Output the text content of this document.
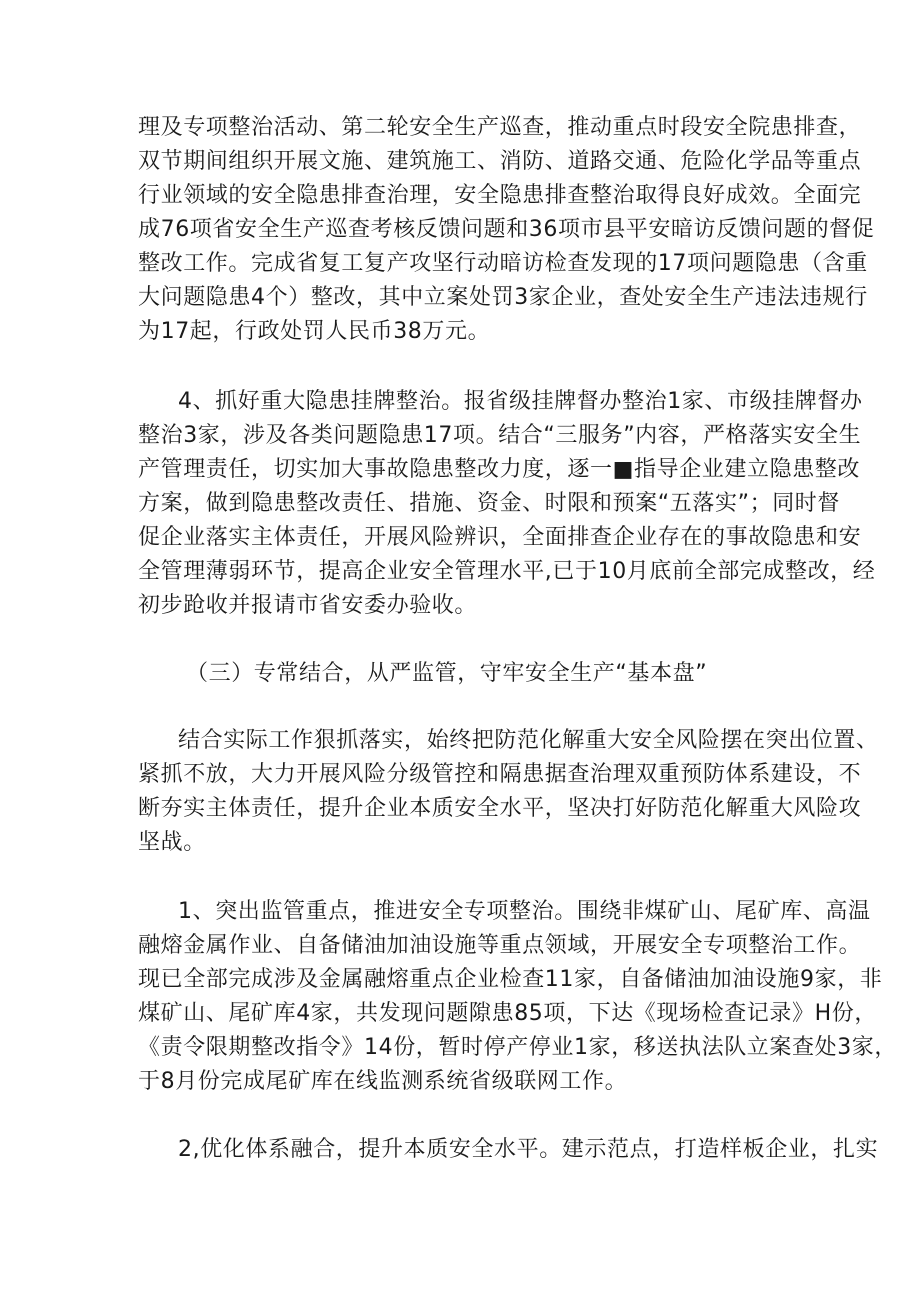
理及专项整治活动、第二轮安全生产巡查，推动重点时段安全院患排查，
双节期间组织开展文施、建筑施工、消防、道路交通、危险化学品等重点
行业领域的安全隐患排查治理，安全隐患排查整治取得良好成效。全面完
成76项省安全生产巡查考核反馈问题和36项市县平安暗访反馈问题的督促
整改工作。完成省复工复产攻坚行动暗访检查发现的17项问题隐患（含重
大问题隐患4个）整改，其中立案处罚3家企业，查处安全生产违法违规行
为17起，行政处罚人民币38万元。
4、抓好重大隐患挂牌整治。报省级挂牌督办整治1家、市级挂牌督办
整治3家，涉及各类问题隐患17项。结合“三服务”内容，严格落实安全生
产管理责任，切实加大事故隐患整改力度，逐一■指导企业建立隐患整改
方案，做到隐患整改责任、措施、资金、时限和预案“五落实”；同时督
促企业落实主体责任，开展风险辨识，全面排查企业存在的事故隐患和安
全管理薄弱环节，提高企业安全管理水平,已于10月底前全部完成整改，经
初步跄收并报请市省安委办验收。
（三）专常结合，从严监管，守牢安全生产“基本盘”
结合实际工作狠抓落实，始终把防范化解重大安全风险摆在突出位置、
紧抓不放，大力开展风险分级管控和隔患据查治理双重预防体系建设，不
断夯实主体责任，提升企业本质安全水平，坚决打好防范化解重大风险攻
坚战。
1、突出监管重点，推进安全专项整治。围绕非煤矿山、尾矿库、高温
融熔金属作业、自备储油加油设施等重点领域，开展安全专项整治工作。
现已全部完成涉及金属融熔重点企业检查11家，自备储油加油设施9家，非
煤矿山、尾矿库4家，共发现问题隙患85项，下达《现场检查记录》H份，
《责令限期整改指令》14份，暂时停产停业1家，移送执法队立案查处3家，
于8月份完成尾矿库在线监测系统省级联网工作。
2,优化体系融合，提升本质安全水平。建示范点，打造样板企业，扎实
